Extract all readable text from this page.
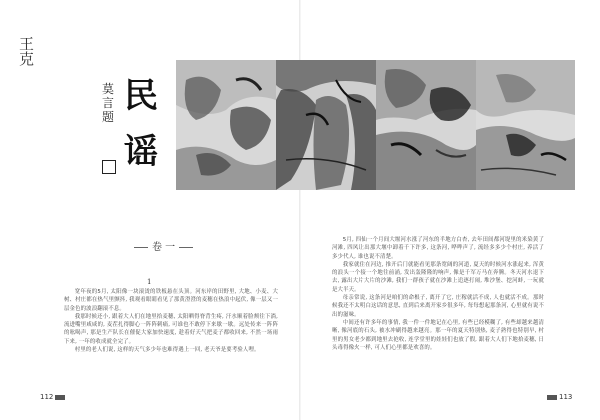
王克
民
谣
莫言题
卷 一
1

宽年夜的5月, 太阳像一块滚烫的铁板悬在头顶。河东岸的田野里, 大地、小麦、大树、村庄都在热气里颤抖, 我观看眼睛看见了那黄澄澄的麦穗在热浪中起伏, 像一层又一层金色的波浪翻滚不息。

我那时候还小, 跟着大人们在地里拾麦穗, 太阳晒得脊背生疼, 汗水顺着脸颊往下淌, 流进嘴里咸咸的, 麦茬扎得脚心一阵阵刺痛, 可谁也不敢停下来歇一歇。远处传来一阵阵的吆喝声, 那是生产队长在催促大家加快速度, 趁着好天气把麦子都收回来, 不然一场雨下来, 一年的收成就全完了。

村里的老人们说, 这样的天气多少年也难得遇上一回, 老天爷是要考验人哩。

5月, 四仙一个月间大堰河水涨了河东的半地方白杏, 去年田间都河堤里的米染黄了河滩, 四风让出那大堰中卸着千下许多, 这条河, 哗哗声了, 流经多多少个村庄, 养活了多少代人, 谁也说不清楚。

我家就住在河边, 推开后门就能看见那条宽阔的河道, 夏天的时候河水涨起来, 浑黄的浪头一个接一个地往前涌, 发出轰隆隆的响声, 像是千军万马在奔腾。冬天河水退下去, 露出大片大片的沙滩, 我们一群孩子就在沙滩上追逐打闹, 堆沙堡、挖河蚌, 一玩就是大半天。

母亲常说, 这条河是咱们的命根子, 离开了它, 庄稼就活不成, 人也就活不成。那时候我还不太明白这话的意思, 直到后来离开家乡很多年, 每每想起那条河, 心里就有说不出的滋味。

中间还有许多年的事情, 我一件一件地记在心里, 有些已经模糊了, 有些却越来越清晰, 像河底的石头, 被水冲刷得越来越亮。那一年的夏天特别热, 麦子熟得也特别早, 村里的男女老少都到地里去抢收, 连学堂里的娃娃们也放了假, 跟着大人们下地拾麦穗, 日头毒得像火一样, 可人们心里都是欢喜的。

112	113
